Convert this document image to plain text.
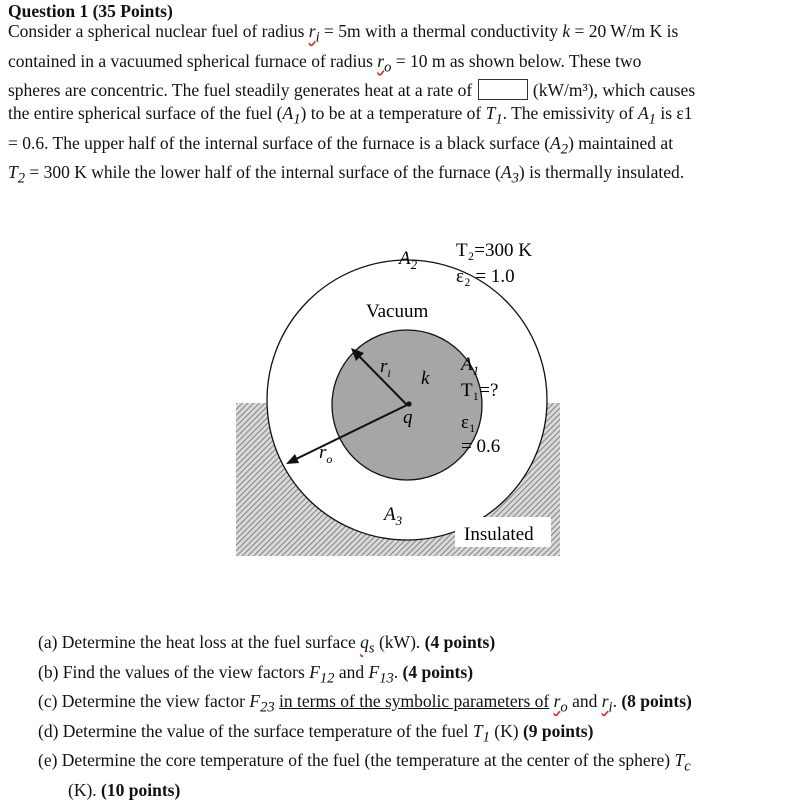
Question 1 (35 Points)
Consider a spherical nuclear fuel of radius $r_i = 5m$ with a thermal conductivity k = 20 W/m K is
contained in a vacuumed spherical furnace of radius $r_o = 10$ m as shown below. These two
spheres are concentric. The fuel steadily generates heat at a rate of	(kW/m³), which causes
the entire spherical surface of the fuel $(A_1)$ to be at a temperature of $T_1$. The emissivity of $A_1$ is ε1
= 0.6. The upper half of the internal surface of the furnace is a black surface $(A_2)$ maintained at
$T_2 = 300$ K while the lower half of the internal surface of the furnace $(A_3)$ is thermally insulated.
$A_2$
T₂=300 K
ε₂ = 1.0
Vacuum
$r_i$ k
q
$r_o$
$A_1$
T₁=?
ε₁
= 0.6
$A_3$
Insulated
(a) Determine the heat loss at the fuel surface $q_s$ (kW). (4 points)
(b) Find the values of the view factors $F_{12}$ and $F_{13}$. (4 points)
(c) Determine the view factor $F_{23}$ in terms of the symbolic parameters of $r_o$ and $r_i$. (8 points)
(d) Determine the value of the surface temperature of the fuel $T_1$ (K) (9 points)
(e) Determine the core temperature of the fuel (the temperature at the center of the sphere) $T_c$
(K). (10 points)
